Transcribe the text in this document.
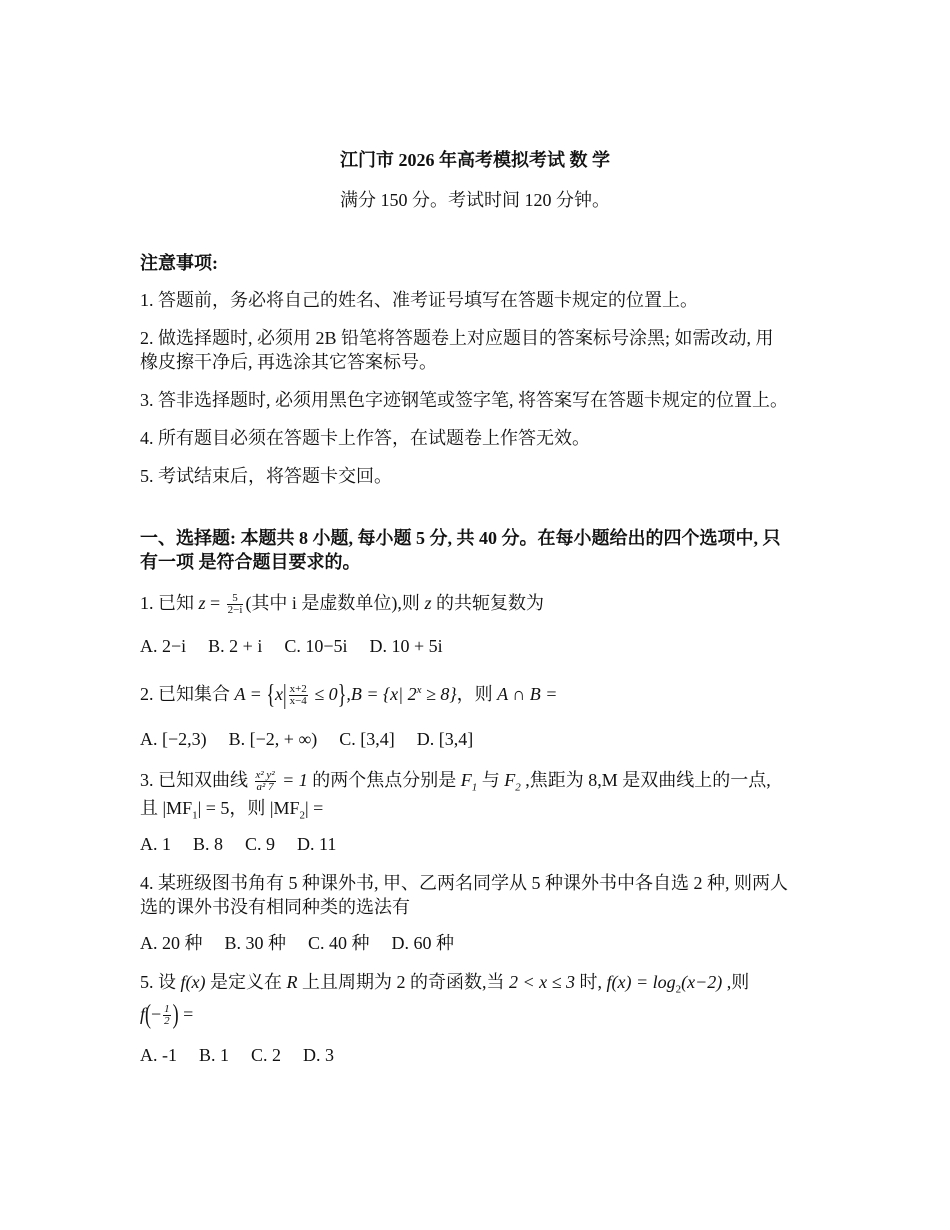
江门市 2026 年高考模拟考试 数 学
满分 150 分。考试时间 120 分钟。
注意事项:
1. 答题前，务必将自己的姓名、准考证号填写在答题卡规定的位置上。
2. 做选择题时, 必须用 2B 铅笔将答题卷上对应题目的答案标号涂黑; 如需改动, 用
橡皮擦干净后, 再选涂其它答案标号。
3. 答非选择题时, 必须用黑色字迹钢笔或签字笔, 将答案写在答题卡规定的位置上。
4. 所有题目必须在答题卡上作答，在试题卷上作答无效。
5. 考试结束后，将答题卡交回。
一、选择题: 本题共 8 小题, 每小题 5 分, 共 40 分。在每小题给出的四个选项中, 只
有一项 是符合题目要求的。
1. 已知 $z = \frac{5}{2-i}$ (其中 i 是虚数单位),则 z 的共轭复数为
A. 2−i B. 2 + i C. 10−5i D. 10 + 5i
2. 已知集合 $A = \{x| \frac{x+2}{x-4} \le 0\},B = \{x|$ $2^x \ge 8$}，则 A ∩ B =
A. [−2,3) B. [−2, + ∞) C. [3,4] D. [3,4]
3. 已知双曲线 $\frac{\text{x² y²}}{\text{a² 7}} = 1$ 的两个焦点分别是 $F_1$ 与 $F_2$ ,焦距为 8,M 是双曲线上的一点,
且 $|MF_1| = 5$，则 $|MF_2|$ =
A. 1 B. 8 C. 9 D. 11
4. 某班级图书角有 5 种课外书, 甲、乙两名同学从 5 种课外书中各自选 2 种, 则两人
选的课外书没有相同种类的选法有
A. 20 种 B. 30 种 C. 40 种 D. 60 种
5. 设 f(x) 是定义在 R 上且周期为 2 的奇函数,当 2 < x ≤ 3 时, $f(x) = \log_2(x-2)$ ,则
$f(- \frac{1}{2}$ ) =
A. -1 B. 1 C. 2 D. 3
